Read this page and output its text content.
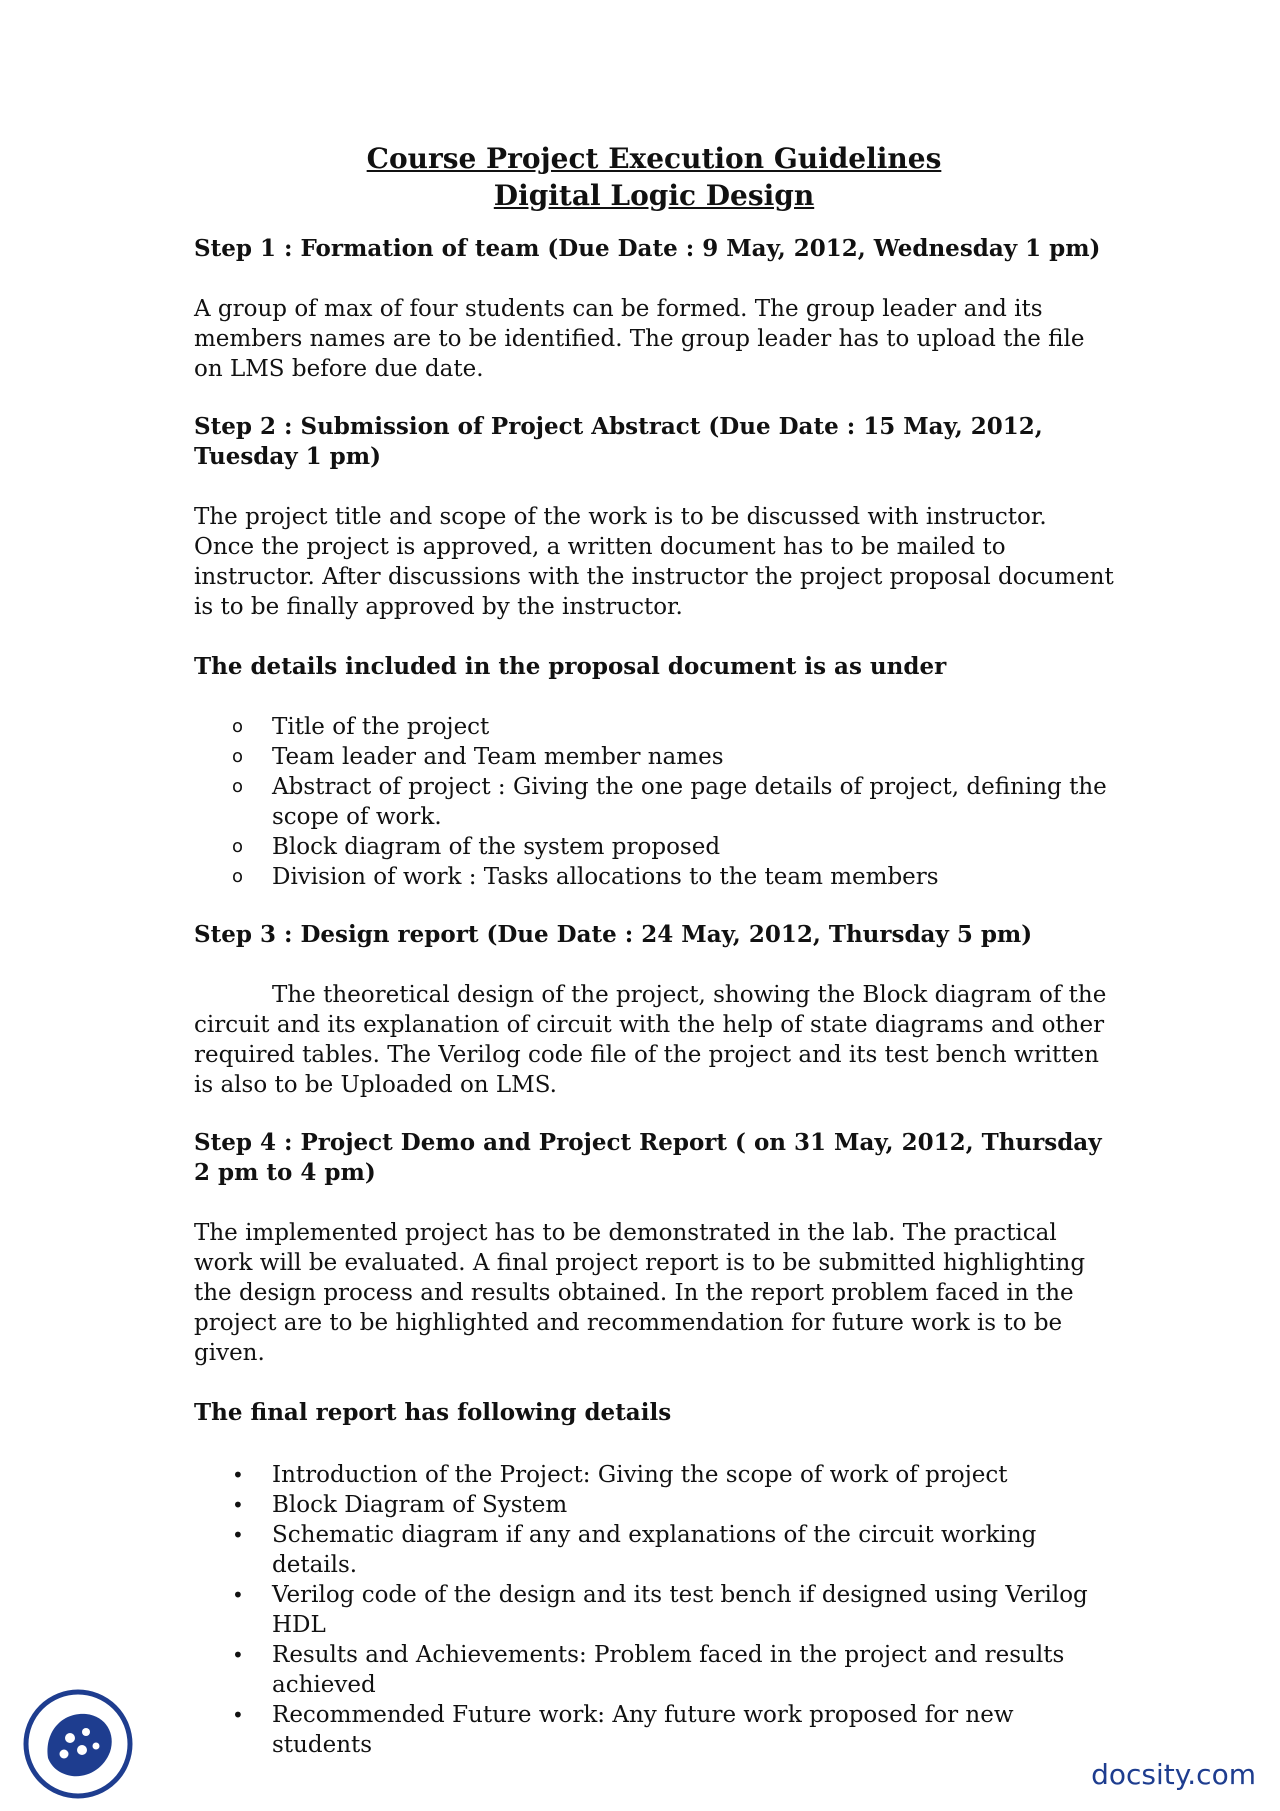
Course Project Execution Guidelines
Digital Logic Design
Step 1 : Formation of team (Due Date : 9 May, 2012, Wednesday 1 pm)
A group of max of four students can be formed. The group leader and its members names are to be identified. The group leader has to upload the file on LMS before due date.
Step 2 : Submission of Project Abstract (Due Date : 15 May, 2012, Tuesday 1 pm)
The project title and scope of the work is to be discussed with instructor. Once the project is approved, a written document has to be mailed to instructor. After discussions with the instructor the project proposal document is to be finally approved by the instructor.
The details included in the proposal document is as under
o	Title of the project
o	Team leader and Team member names
o	Abstract of project : Giving the one page details of project, defining the scope of work.
o	Block diagram of the system proposed
o	Division of work : Tasks allocations to the team members
Step 3 : Design report (Due Date : 24 May, 2012, Thursday 5 pm)
The theoretical design of the project, showing the Block diagram of the circuit and its explanation of circuit with the help of state diagrams and other required tables. The Verilog code file of the project and its test bench written is also to be Uploaded on LMS.
Step 4 : Project Demo and Project Report ( on 31 May, 2012, Thursday 2 pm to 4 pm)
The implemented project has to be demonstrated in the lab. The practical work will be evaluated. A final project report is to be submitted highlighting the design process and results obtained. In the report problem faced in the project are to be highlighted and recommendation for future work is to be given.
The final report has following details
•	Introduction of the Project: Giving the scope of work of project
•	Block Diagram of System
•	Schematic diagram if any and explanations of the circuit working details.
•	Verilog code of the design and its test bench if designed using Verilog HDL
•	Results and Achievements: Problem faced in the project and results achieved
•	Recommended Future work: Any future work proposed for new students
docsity.com
